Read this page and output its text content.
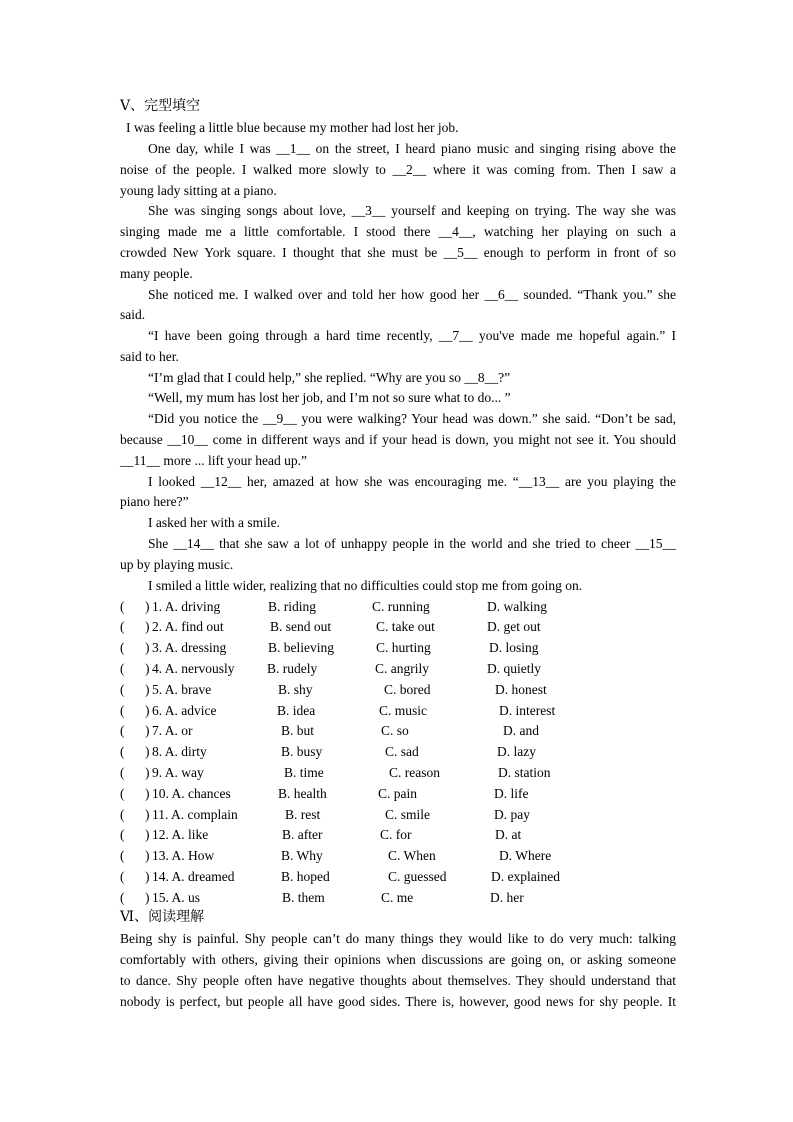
Ⅴ、完型填空
I was feeling a little blue because my mother had lost her job.
One day, while I was __1__ on the street, I heard piano music and singing rising above the
noise of the people. I walked more slowly to __2__ where it was coming from. Then I saw a
young lady sitting at a piano.
She was singing songs about love, __3__ yourself and keeping on trying. The way she was
singing made me a little comfortable. I stood there __4__, watching her playing on such a
crowded New York square. I thought that she must be __5__ enough to perform in front of so
many people.
She noticed me. I walked over and told her how good her __6__ sounded. “Thank you.” she
said.
“I have been going through a hard time recently, __7__ you've made me hopeful again.” I
said to her.
“I’m glad that I could help,” she replied. “Why are you so __8__?”
“Well, my mum has lost her job, and I’m not so sure what to do... ”
“Did you notice the __9__ you were walking? Your head was down.” she said. “Don’t be sad,
because __10__ come in different ways and if your head is down, you might not see it. You should
__11__ more ... lift your head up.”
I looked __12__ her, amazed at how she was encouraging me. “__13__ are you playing the
piano here?”
I asked her with a smile.
She __14__ that she saw a lot of unhappy people in the world and she tried to cheer __15__
up by playing music.
I smiled a little wider, realizing that no difficulties could stop me from going on.
( ) 1. A. driving	B. riding	C. running	D. walking
( ) 2. A. find out	B. send out	C. take out	D. get out
( ) 3. A. dressing	B. believing	C. hurting	D. losing
( ) 4. A. nervously B. rudely	C. angrily	D. quietly
( ) 5. A. brave	B. shy	C. bored	D. honest
( ) 6. A. advice	B. idea	C. music	D. interest
( ) 7. A. or	B. but	C. so	D. and
( ) 8. A. dirty	B. busy	C. sad	D. lazy
( ) 9. A. way	B. time	C. reason	D. station
( ) 10. A. chances	B. health	C. pain	D. life
( ) 11. A. complain	B. rest	C. smile	D. pay
( ) 12. A. like	B. after	C. for	D. at
( ) 13. A. How	B. Why	C. When	D. Where
( ) 14. A. dreamed	B. hoped	C. guessed	D. explained
( ) 15. A. us	B. them	C. me	D. her
Ⅵ、阅读理解
Being shy is painful. Shy people can’t do many things they would like to do very much: talking
comfortably with others, giving their opinions when discussions are going on, or asking someone
to dance. Shy people often have negative thoughts about themselves. They should understand that
nobody is perfect, but people all have good sides. There is, however, good news for shy people. It
